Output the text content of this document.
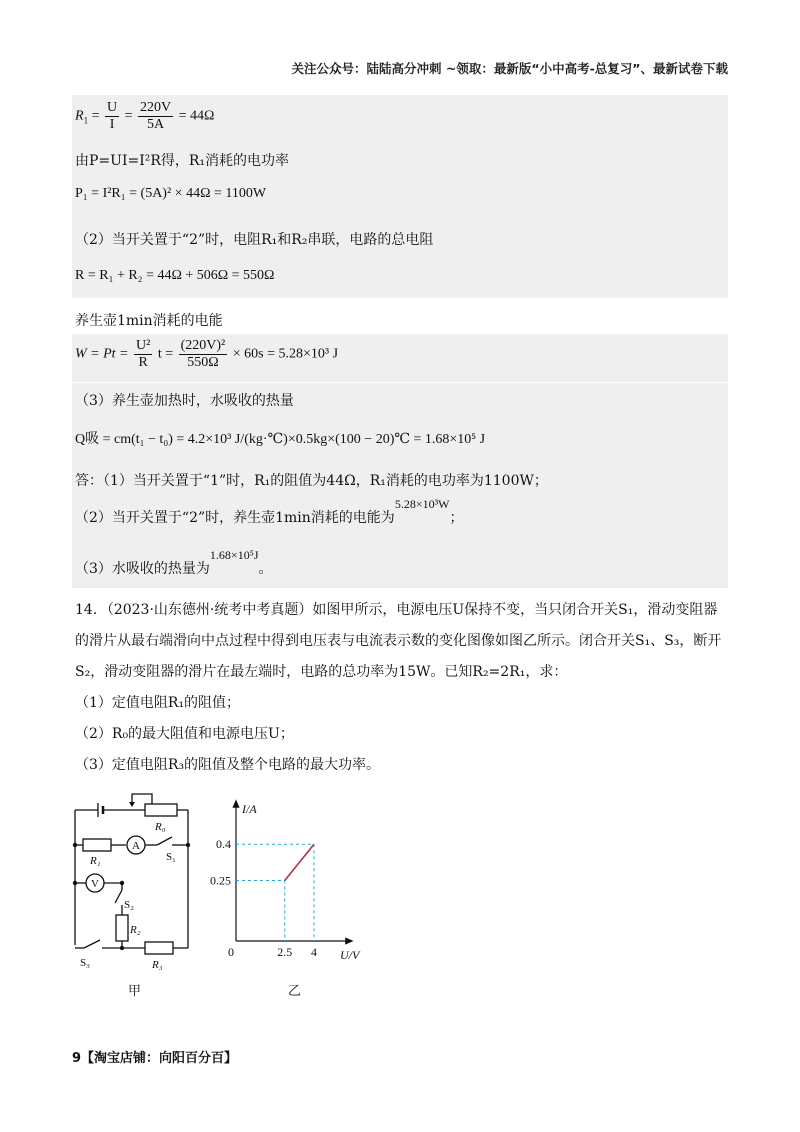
关注公众号：陆陆高分冲刺 ~领取：最新版“小中高考-总复习”、最新试卷下载
$R_1 = \frac{U}{I} = \frac{220V}{5A} = 44\Omega$
由P=UI=I²R得，R₁消耗的电功率
P₁ = I²R₁ = (5A)² × 44Ω = 1100W
（2）当开关置于“2”时，电阻R₁和R₂串联，电路的总电阻
R = R₁ + R₂ = 44Ω + 506Ω = 550Ω
养生壶1min消耗的电能
$W = Pt = \frac{\text{U²}}{R}$ $t = \frac{\text{(220V)²}}{550\Omega} \times 60s = 5.28\times 10^3$ J
（3）养生壶加热时，水吸收的热量
Q吸 = cm(t₁ − t₀) = 4.2×10³ J/(kg·℃)×0.5kg×(100 − 20)℃ = 1.68×10⁵ J
答：（1）当开关置于“1”时，R₁的阻值为44Ω，R₁消耗的电功率为1100W；
（2）当开关置于“2”时，养生壶1min消耗的电能为5.28×10³W；
（3）水吸收的热量为1.68×10⁵J。
14．（2023·山东德州·统考中考真题）如图甲所示，电源电压U保持不变，当只闭合开关S₁，滑动变阻器
的滑片从最右端滑向中点过程中得到电压表与电流表示数的变化图像如图乙所示。闭合开关S₁、S₃，断开
S₂，滑动变阻器的滑片在最左端时，电路的总功率为15W。已知R₂=2R₁，求：
（1）定值电阻R₁的阻值；
（2）R₀的最大阻值和电源电压U；
（3）定值电阻R₃的阻值及整个电路的最大功率。
R₀
R₁
A
S₁
V
S₂
R₂
S₃	R₃
甲
I/A
U/V
0	2.5 4
0.4
0.25
乙
9【淘宝店铺：向阳百分百】
